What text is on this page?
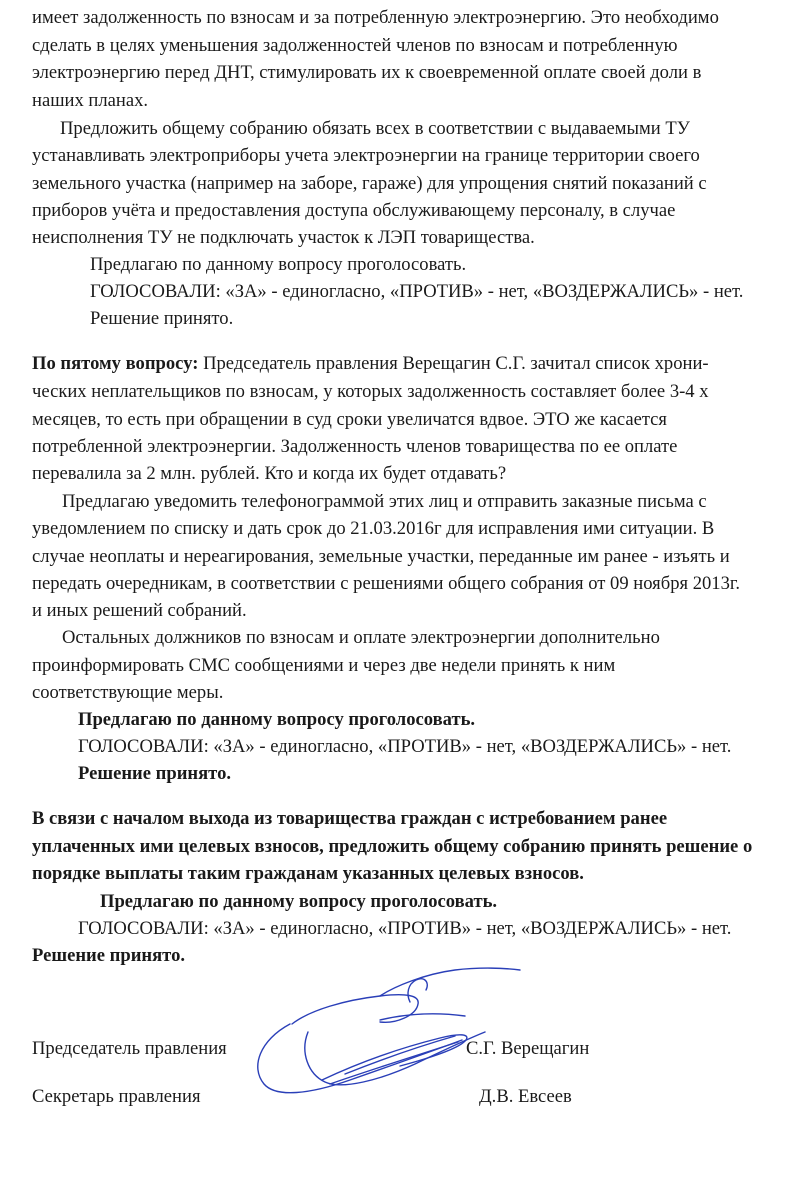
имеет задолженность по взносам и за потребленную электроэнергию. Это необходимо
сделать в целях уменьшения задолженностей членов по взносам и потребленную
электроэнергию перед ДНТ, стимулировать их к своевременной оплате своей доли в
наших планах.
Предложить общему собранию обязать всех в соответствии с выдаваемыми ТУ
устанавливать электроприборы учета электроэнергии на границе территории своего
земельного участка (например на заборе, гараже) для упрощения снятий показаний с
приборов учёта и предоставления доступа обслуживающему персоналу, в случае
неисполнения ТУ не подключать участок к ЛЭП товарищества.
Предлагаю по данному вопросу проголосовать.
ГОЛОСОВАЛИ: «ЗА» - единогласно, «ПРОТИВ» - нет, «ВОЗДЕРЖАЛИСЬ» - нет.
Решение принято.
По пятому вопросу: Председатель правления Верещагин С.Г. зачитал список хрони-
ческих неплательщиков по взносам, у которых задолженность составляет более 3-4 х
месяцев, то есть при обращении в суд сроки увеличатся вдвое. ЭТО же касается
потребленной электроэнергии. Задолженность членов товарищества по ее оплате
перевалила за 2 млн. рублей. Кто и когда их будет отдавать?
Предлагаю уведомить телефонограммой этих лиц и отправить заказные письма с
уведомлением по списку и дать срок до 21.03.2016г для исправления ими ситуации. В
случае неоплаты и нереагирования, земельные участки, переданные им ранее - изъять и
передать очередникам, в соответствии с решениями общего собрания от 09 ноября 2013г.
и иных решений собраний.
Остальных должников по взносам и оплате электроэнергии дополнительно
проинформировать СМС сообщениями и через две недели принять к ним
соответствующие меры.
Предлагаю по данному вопросу проголосовать.
ГОЛОСОВАЛИ: «ЗА» - единогласно, «ПРОТИВ» - нет, «ВОЗДЕРЖАЛИСЬ» - нет.
Решение принято.
В связи с началом выхода из товарищества граждан с истребованием ранее
уплаченных ими целевых взносов, предложить общему собранию принять решение о
порядке выплаты таким гражданам указанных целевых взносов.
Предлагаю по данному вопросу проголосовать.
ГОЛОСОВАЛИ: «ЗА» - единогласно, «ПРОТИВ» - нет, «ВОЗДЕРЖАЛИСЬ» - нет.
Решение принято.
Председатель правления	С.Г. Верещагин
Секретарь правления	Д.В. Евсеев
